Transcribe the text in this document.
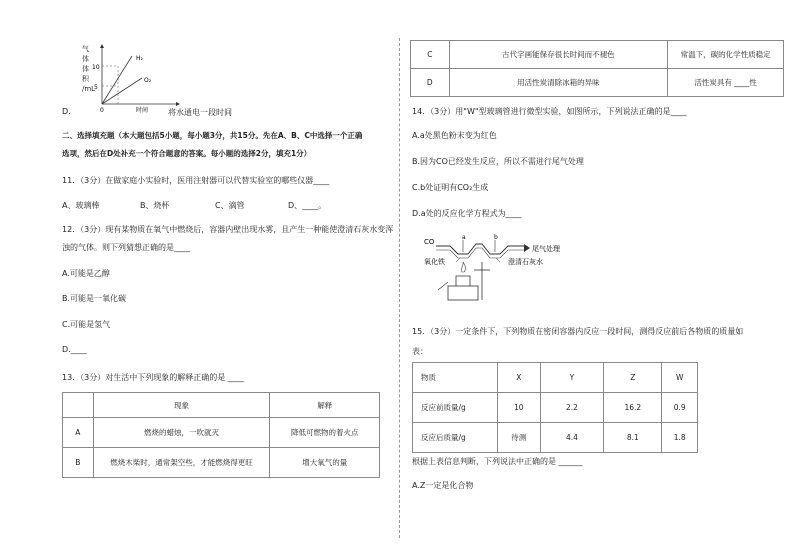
H₂
O₂
10
5
0	时间
气
体
体
积
/mL
D.	将水通电一段时间
二、选择填充题（本大题包括5小题，每小题3分，共15分。先在A、B、C中选择一个正确
选项，然后在D处补充一个符合题意的答案。每小题的选择2分，填充1分）
11．（3分）在做家庭小实验时，医用注射器可以代替实验室的哪些仪器____
A、玻璃棒	B、烧杯	C、滴管	D、____。
12．（3分）现有某物质在氧气中燃烧后，容器内壁出现水雾，且产生一种能使澄清石灰水变浑
浊的气体。则下列猜想正确的是____
A.可能是乙醇
B.可能是一氧化碳
C.可能是氢气
D.____
13．（3分）对生活中下列现象的解释正确的是 ____
	现象	解释
A	燃烧的蜡烛，一吹就灭	降低可燃物的着火点
B	燃烧木柴时，通常架空些，才能燃烧得更旺	增大氧气的量
C	古代字画能保存很长时间而不褪色	常温下，碳的化学性质稳定
D	用活性炭清除冰箱的异味	活性炭具有 ____性
14．（3分）用"W"型玻璃管进行微型实验，如图所示，下列说法正确的是____
A.a处黑色粉末变为红色
B.因为CO已经发生反应，所以不需进行尾气处理
C.b处证明有CO₂生成
D.a处的反应化学方程式为____
CO
a	b
尾气处理
氧化铁	澄清石灰水
15．（3分）一定条件下，下列物质在密闭容器内反应一段时间，测得反应前后各物质的质量如
表：
物质	X	Y	Z	W
反应前质量/g	10	2.2	16.2	0.9
反应后质量/g	待测	4.4	8.1	1.8
根据上表信息判断，下列说法中正确的是 ______
A.Z一定是化合物
